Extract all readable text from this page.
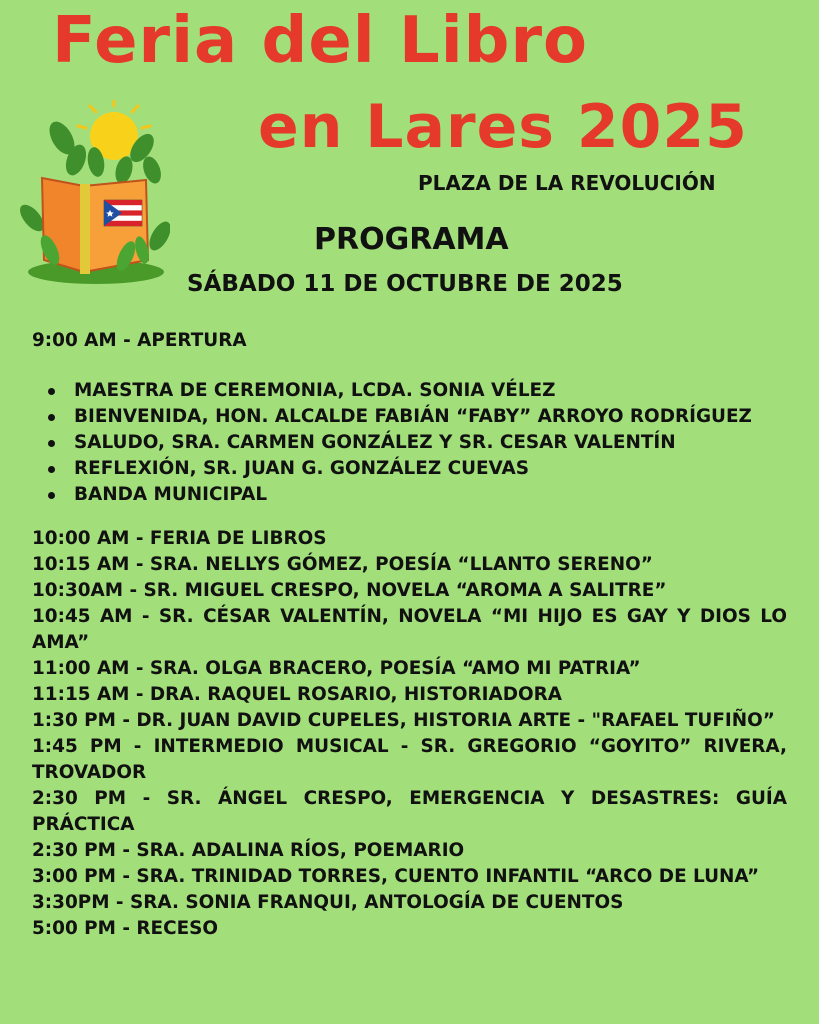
Feria del Libro
en Lares 2025
PLAZA DE LA REVOLUCIÓN
PROGRAMA
SÁBADO 11 DE OCTUBRE DE 2025

9:00 AM - APERTURA

MAESTRA DE CEREMONIA, LCDA. SONIA VÉLEZ
BIENVENIDA, HON. ALCALDE FABIÁN “FABY” ARROYO RODRÍGUEZ
SALUDO, SRA. CARMEN GONZÁLEZ Y SR. CESAR VALENTÍN
REFLEXIÓN, SR. JUAN G. GONZÁLEZ CUEVAS
BANDA MUNICIPAL

10:00 AM - FERIA DE LIBROS

10:15 AM - SRA. NELLYS GÓMEZ, POESÍA “LLANTO SERENO”

10:30AM - SR. MIGUEL CRESPO, NOVELA “AROMA A SALITRE”

10:45 AM - SR. CÉSAR VALENTÍN, NOVELA “MI HIJO ES GAY Y DIOS LO AMA”

11:00 AM - SRA. OLGA BRACERO, POESÍA “AMO MI PATRIA”

11:15 AM - DRA. RAQUEL ROSARIO, HISTORIADORA

1:30 PM - DR. JUAN DAVID CUPELES, HISTORIA ARTE - "RAFAEL TUFIÑO”

1:45 PM - INTERMEDIO MUSICAL - SR. GREGORIO “GOYITO” RIVERA, TROVADOR

2:30 PM - SR. ÁNGEL CRESPO, EMERGENCIA Y DESASTRES: GUÍA PRÁCTICA

2:30 PM - SRA. ADALINA RÍOS, POEMARIO

3:00 PM - SRA. TRINIDAD TORRES, CUENTO INFANTIL “ARCO DE LUNA”

3:30PM - SRA. SONIA FRANQUI, ANTOLOGÍA DE CUENTOS

5:00 PM - RECESO
